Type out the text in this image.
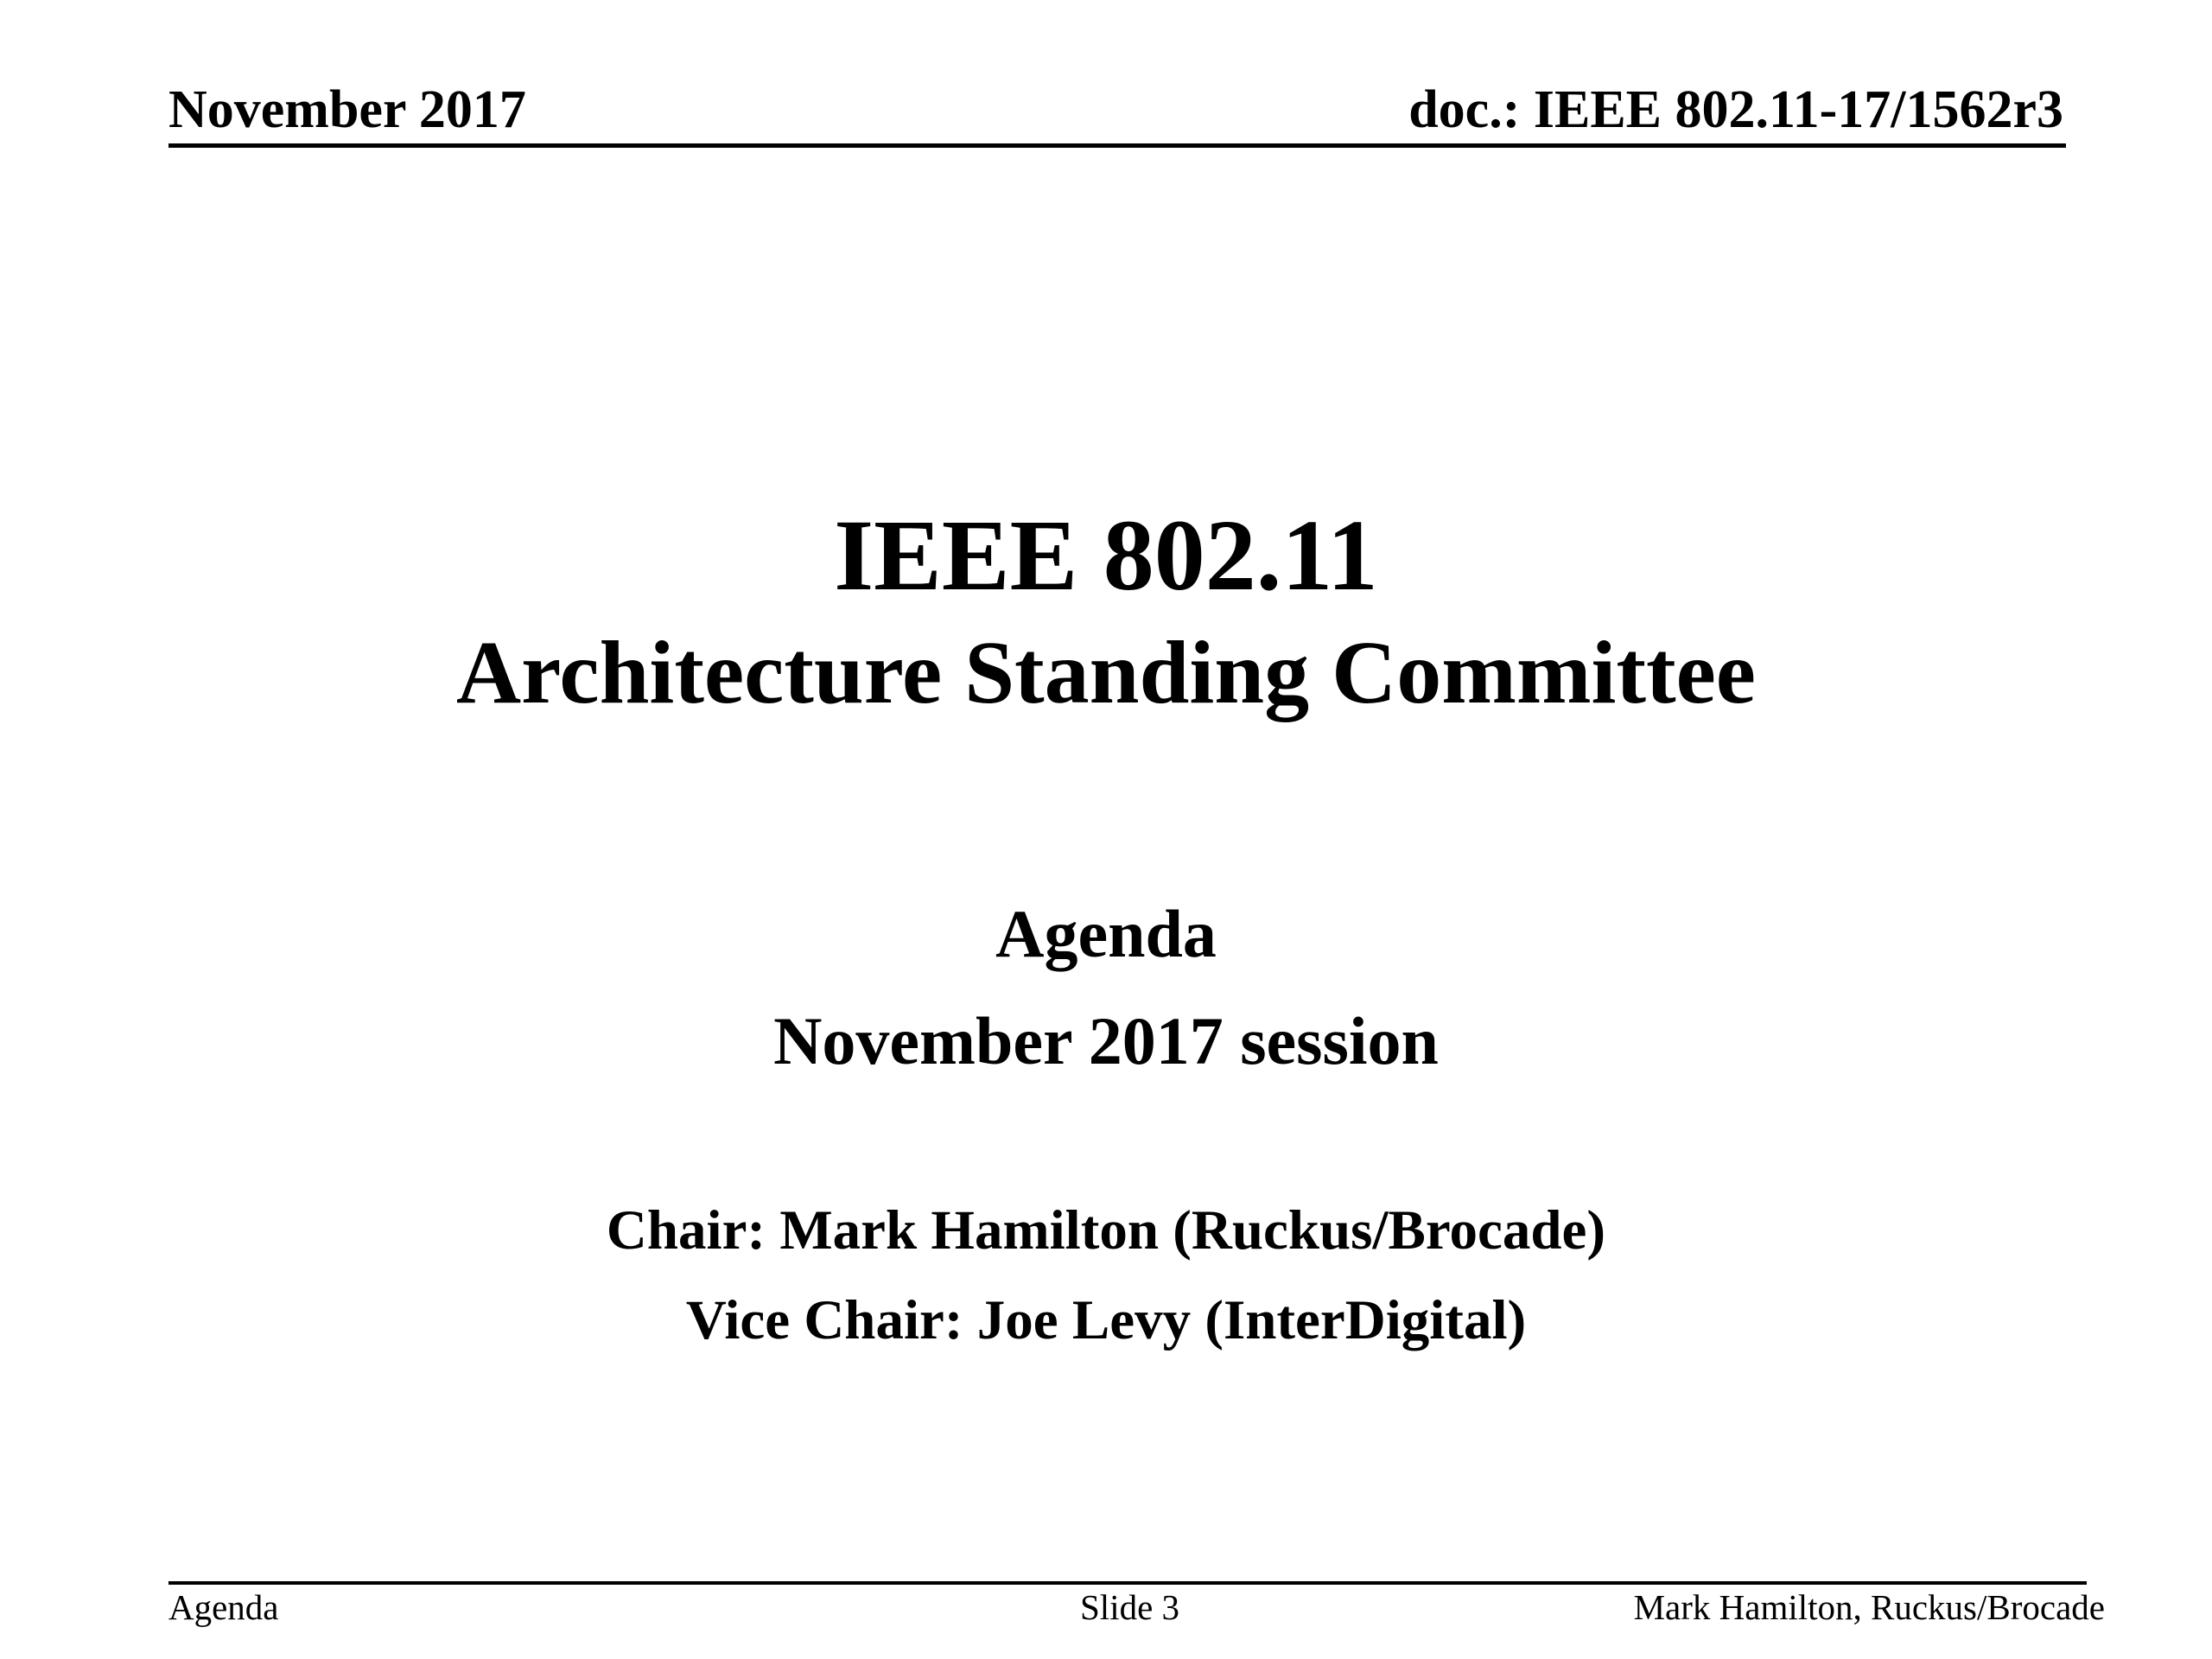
November 2017	doc.: IEEE 802.11-17/1562r3
IEEE 802.11
Architecture Standing Committee
Agenda
November 2017 session
Chair: Mark Hamilton (Ruckus/Brocade)
Vice Chair: Joe Levy (InterDigital)
Agenda	Slide 3	Mark Hamilton, Ruckus/Brocade
